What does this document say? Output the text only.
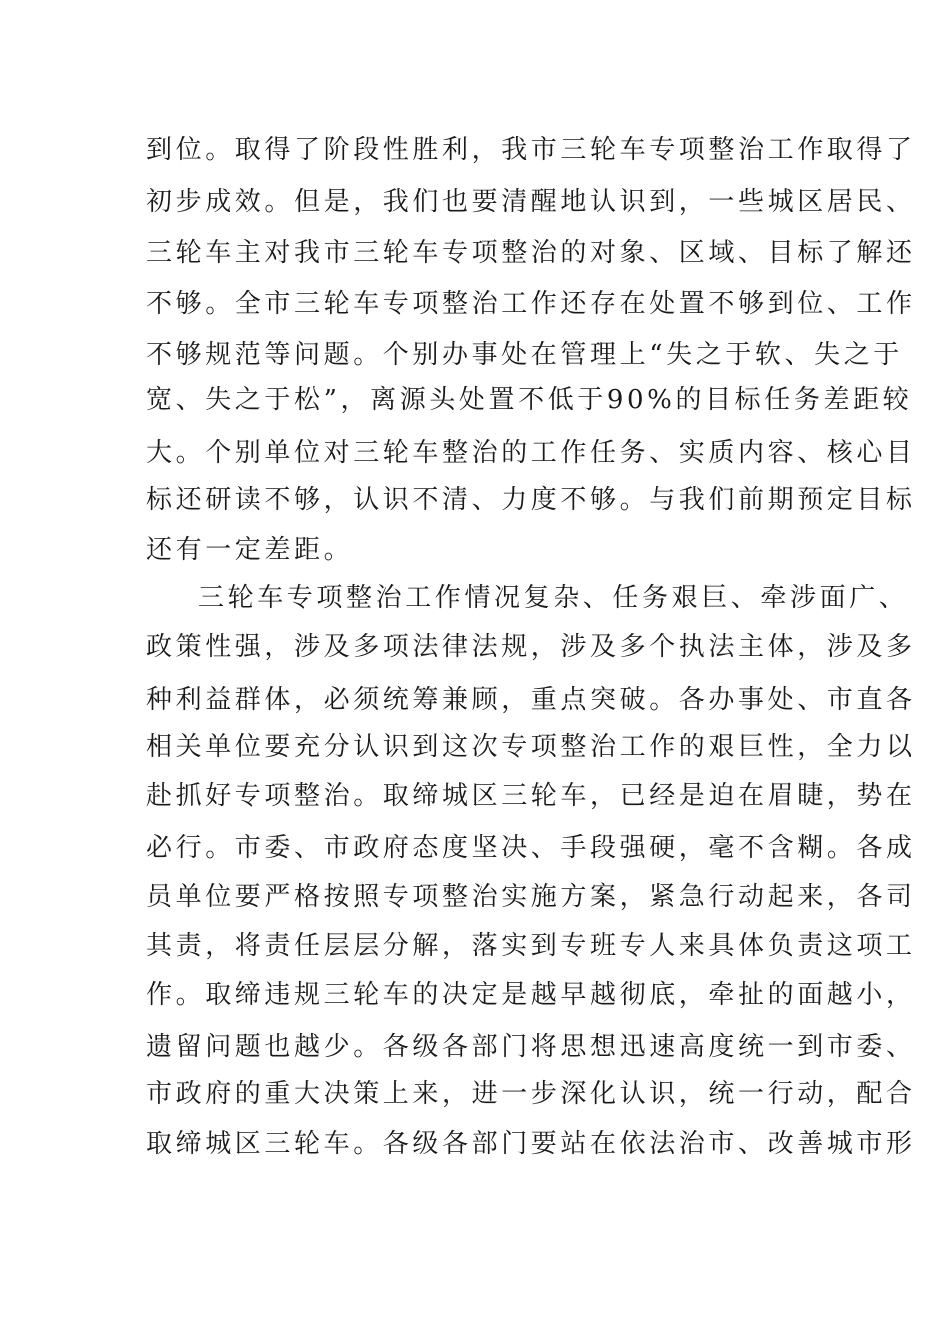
到位。取得了阶段性胜利，我市三轮车专项整治工作取得了
初步成效。但是，我们也要清醒地认识到，一些城区居民、
三轮车主对我市三轮车专项整治的对象、区域、目标了解还
不够。全市三轮车专项整治工作还存在处置不够到位、工作
不够规范等问题。个别办事处在管理上“失之于软、失之于
宽、失之于松”，离源头处置不低于90%的目标任务差距较
大。个别单位对三轮车整治的工作任务、实质内容、核心目
标还研读不够，认识不清、力度不够。与我们前期预定目标
还有一定差距。
三轮车专项整治工作情况复杂、任务艰巨、牵涉面广、
政策性强，涉及多项法律法规，涉及多个执法主体，涉及多
种利益群体，必须统筹兼顾，重点突破。各办事处、市直各
相关单位要充分认识到这次专项整治工作的艰巨性，全力以
赴抓好专项整治。取缔城区三轮车，已经是迫在眉睫，势在
必行。市委、市政府态度坚决、手段强硬，毫不含糊。各成
员单位要严格按照专项整治实施方案，紧急行动起来，各司
其责，将责任层层分解，落实到专班专人来具体负责这项工
作。取缔违规三轮车的决定是越早越彻底，牵扯的面越小，
遗留问题也越少。各级各部门将思想迅速高度统一到市委、
市政府的重大决策上来，进一步深化认识，统一行动，配合
取缔城区三轮车。各级各部门要站在依法治市、改善城市形
